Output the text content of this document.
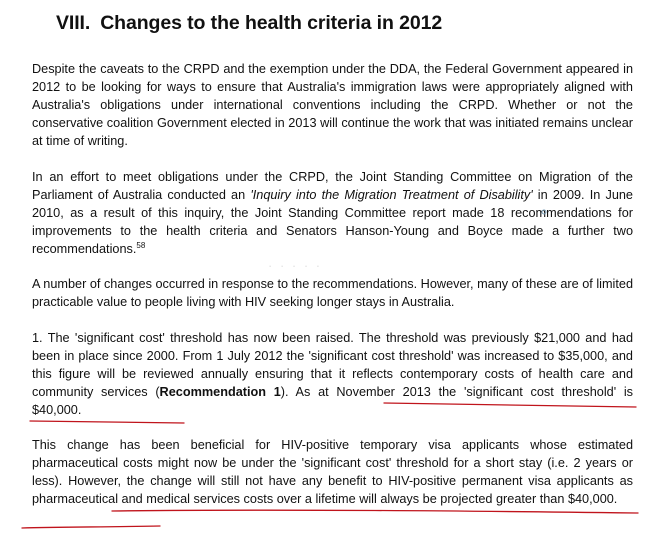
VIII. Changes to the health criteria in 2012

Despite the caveats to the CRPD and the exemption under the DDA, the Federal Government appeared in 2012 to be looking for ways to ensure that Australia's immigration laws were appropriately aligned with Australia's obligations under international conventions including the CRPD. Whether or not the conservative coalition Government elected in 2013 will continue the work that was initiated remains unclear at time of writing.

In an effort to meet obligations under the CRPD, the Joint Standing Committee on Migration of the Parliament of Australia conducted an 'Inquiry into the Migration Treatment of Disability' in 2009. In June 2010, as a result of this inquiry, the Joint Standing Committee report made 18 recommendations for improvements to the health criteria and Senators Hanson-Young and Boyce made a further two recommendations.$^{58}$

A number of changes occurred in response to the recommendations. However, many of these are of limited practicable value to people living with HIV seeking longer stays in Australia.

1. The 'significant cost' threshold has now been raised. The threshold was previously $21,000 and had been in place since 2000. From 1 July 2012 the 'significant cost threshold' was increased to $35,000, and this figure will be reviewed annually ensuring that it reflects contemporary costs of health care and community services (Recommendation 1). As at November 2013 the 'significant cost threshold' is $40,000.

This change has been beneficial for HIV-positive temporary visa applicants whose estimated pharmaceutical costs might now be under the 'significant cost' threshold for a short stay (i.e. 2 years or less). However, the change will still not have any benefit to HIV-positive permanent visa applicants as pharmaceutical and medical services costs over a lifetime will always be projected greater than $40,000.

· · · · ·
